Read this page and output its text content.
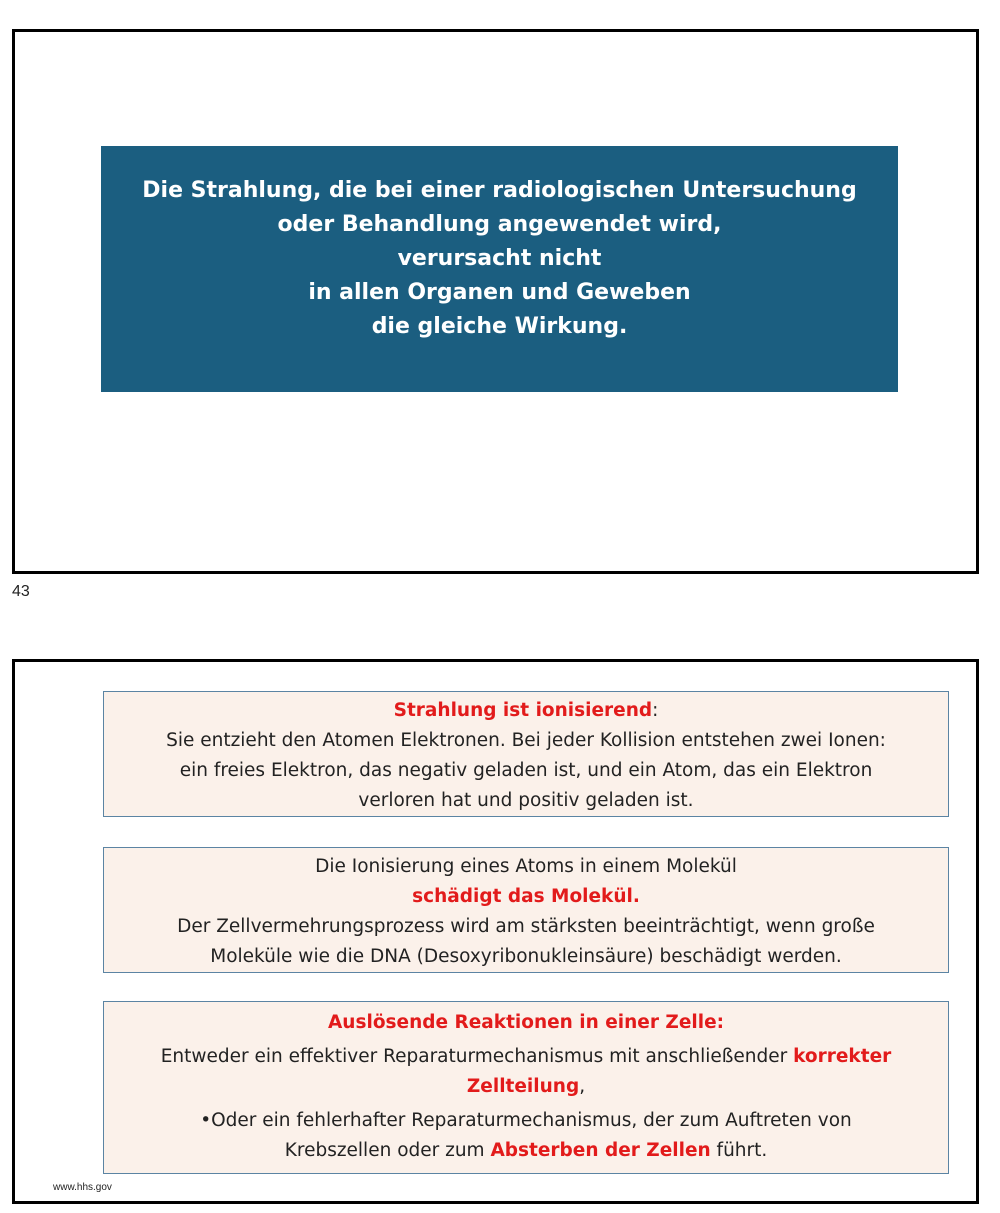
Die Strahlung, die bei einer radiologischen Untersuchung
oder Behandlung angewendet wird,
verursacht nicht
in allen Organen und Geweben
die gleiche Wirkung.
43
Strahlung ist ionisierend:
Sie entzieht den Atomen Elektronen. Bei jeder Kollision entstehen zwei Ionen:
ein freies Elektron, das negativ geladen ist, und ein Atom, das ein Elektron
verloren hat und positiv geladen ist.
Die Ionisierung eines Atoms in einem Molekül
schädigt das Molekül.
Der Zellvermehrungsprozess wird am stärksten beeinträchtigt, wenn große
Moleküle wie die DNA (Desoxyribonukleinsäure) beschädigt werden.
Auslösende Reaktionen in einer Zelle:
Entweder ein effektiver Reparaturmechanismus mit anschließender korrekter
Zellteilung,
•Oder ein fehlerhafter Reparaturmechanismus, der zum Auftreten von
Krebszellen oder zum Absterben der Zellen führt.
www.hhs.gov
